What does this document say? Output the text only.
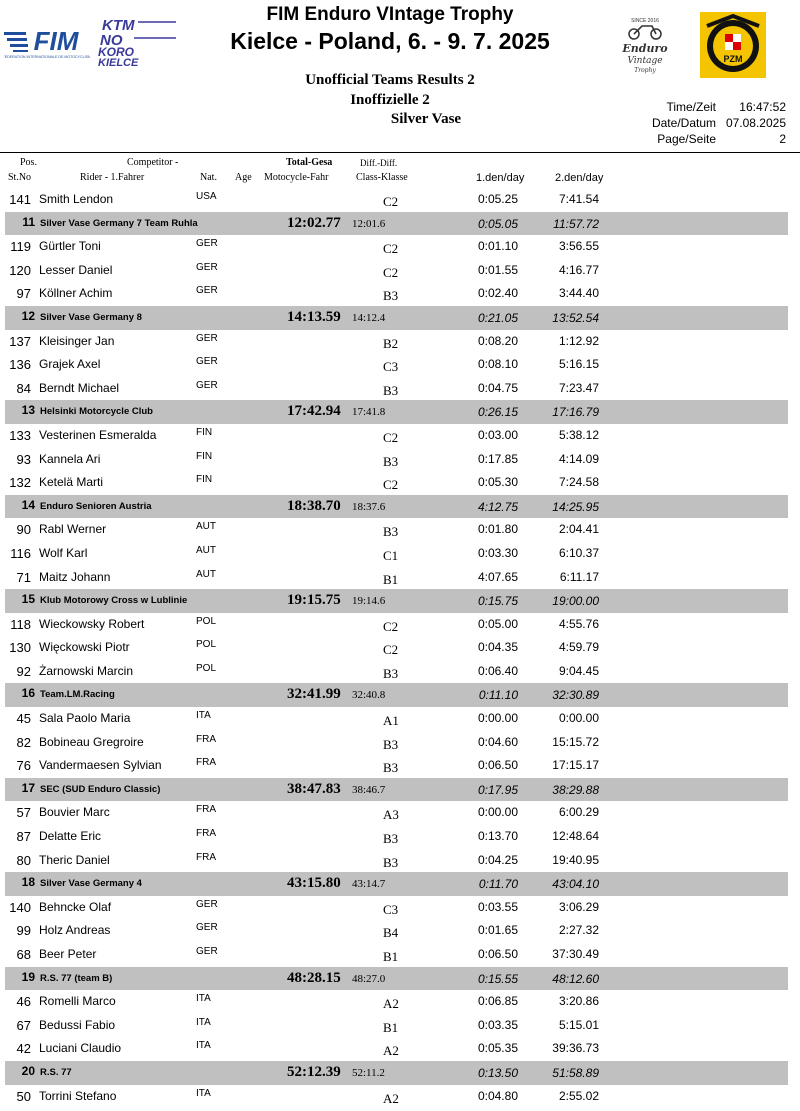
FIM
FEDERATION INTERNATIONALE DE MOTOCYCLISME
KTM
NO
KORO
KIELCE
SINCE 2016
Enduro
Vintage
Trophy
PZM
FIM Enduro VIntage Trophy
Kielce - Poland, 6. - 9. 7. 2025
Unofficial Teams Results 2
Inoffizielle 2
Silver Vase
Time/Zeit 16:47:52
Date/Datum 07.08.2025
Page/Seite	2
Pos.
St.No
Competitor -
Rider - 1.Fahrer	Nat. Age
Total-Gesa
Motocycle-Fahr
Diff.-Diff.
Class-Klasse	1.den/day	2.den/day
141 Smith Lendon	USA	C2	0:05.25	7:41.54
11 Silver Vase Germany 7 Team Ruhla	12:02.77 12:01.6	0:05.05	11:57.72
119 Gürtler Toni	GER	C2	0:01.10	3:56.55
120 Lesser Daniel	GER	C2	0:01.55	4:16.77
97 Köllner Achim	GER	B3	0:02.40	3:44.40
12 Silver Vase Germany 8	14:13.59 14:12.4	0:21.05	13:52.54
137 Kleisinger Jan	GER	B2	0:08.20	1:12.92
136 Grajek Axel	GER	C3	0:08.10	5:16.15
84 Berndt Michael	GER	B3	0:04.75	7:23.47
13 Helsinki Motorcycle Club	17:42.94 17:41.8	0:26.15	17:16.79
133 Vesterinen Esmeralda	FIN	C2	0:03.00	5:38.12
93 Kannela Ari	FIN	B3	0:17.85	4:14.09
132 Ketelä Marti	FIN	C2	0:05.30	7:24.58
14 Enduro Senioren Austria	18:38.70 18:37.6	4:12.75	14:25.95
90 Rabl Werner	AUT	B3	0:01.80	2:04.41
116 Wolf Karl	AUT	C1	0:03.30	6:10.37
71 Maitz Johann	AUT	B1	4:07.65	6:11.17
15 Klub Motorowy Cross w Lublinie	19:15.75 19:14.6	0:15.75	19:00.00
118 Wieckowsky Robert	POL	C2	0:05.00	4:55.76
130 Więckowski Piotr	POL	C2	0:04.35	4:59.79
92 Żarnowski Marcin	POL	B3	0:06.40	9:04.45
16 Team.LM.Racing	32:41.99 32:40.8	0:11.10	32:30.89
45 Sala Paolo Maria	ITA	A1	0:00.00	0:00.00
82 Bobineau Gregroire	FRA	B3	0:04.60	15:15.72
76 Vandermaesen Sylvian	FRA	B3	0:06.50	17:15.17
17 SEC (SUD Enduro Classic)	38:47.83 38:46.7	0:17.95	38:29.88
57 Bouvier Marc	FRA	A3	0:00.00	6:00.29
87 Delatte Eric	FRA	B3	0:13.70	12:48.64
80 Theric Daniel	FRA	B3	0:04.25	19:40.95
18 Silver Vase Germany 4	43:15.80 43:14.7	0:11.70	43:04.10
140 Behncke Olaf	GER	C3	0:03.55	3:06.29
99 Holz Andreas	GER	B4	0:01.65	2:27.32
68 Beer Peter	GER	B1	0:06.50	37:30.49
19 R.S. 77 (team B)	48:28.15 48:27.0	0:15.55	48:12.60
46 Romelli Marco	ITA	A2	0:06.85	3:20.86
67 Bedussi Fabio	ITA	B1	0:03.35	5:15.01
42 Luciani Claudio	ITA	A2	0:05.35	39:36.73
20 R.S. 77	52:12.39 52:11.2	0:13.50	51:58.89
50 Torrini Stefano	ITA	A2	0:04.80	2:55.02
